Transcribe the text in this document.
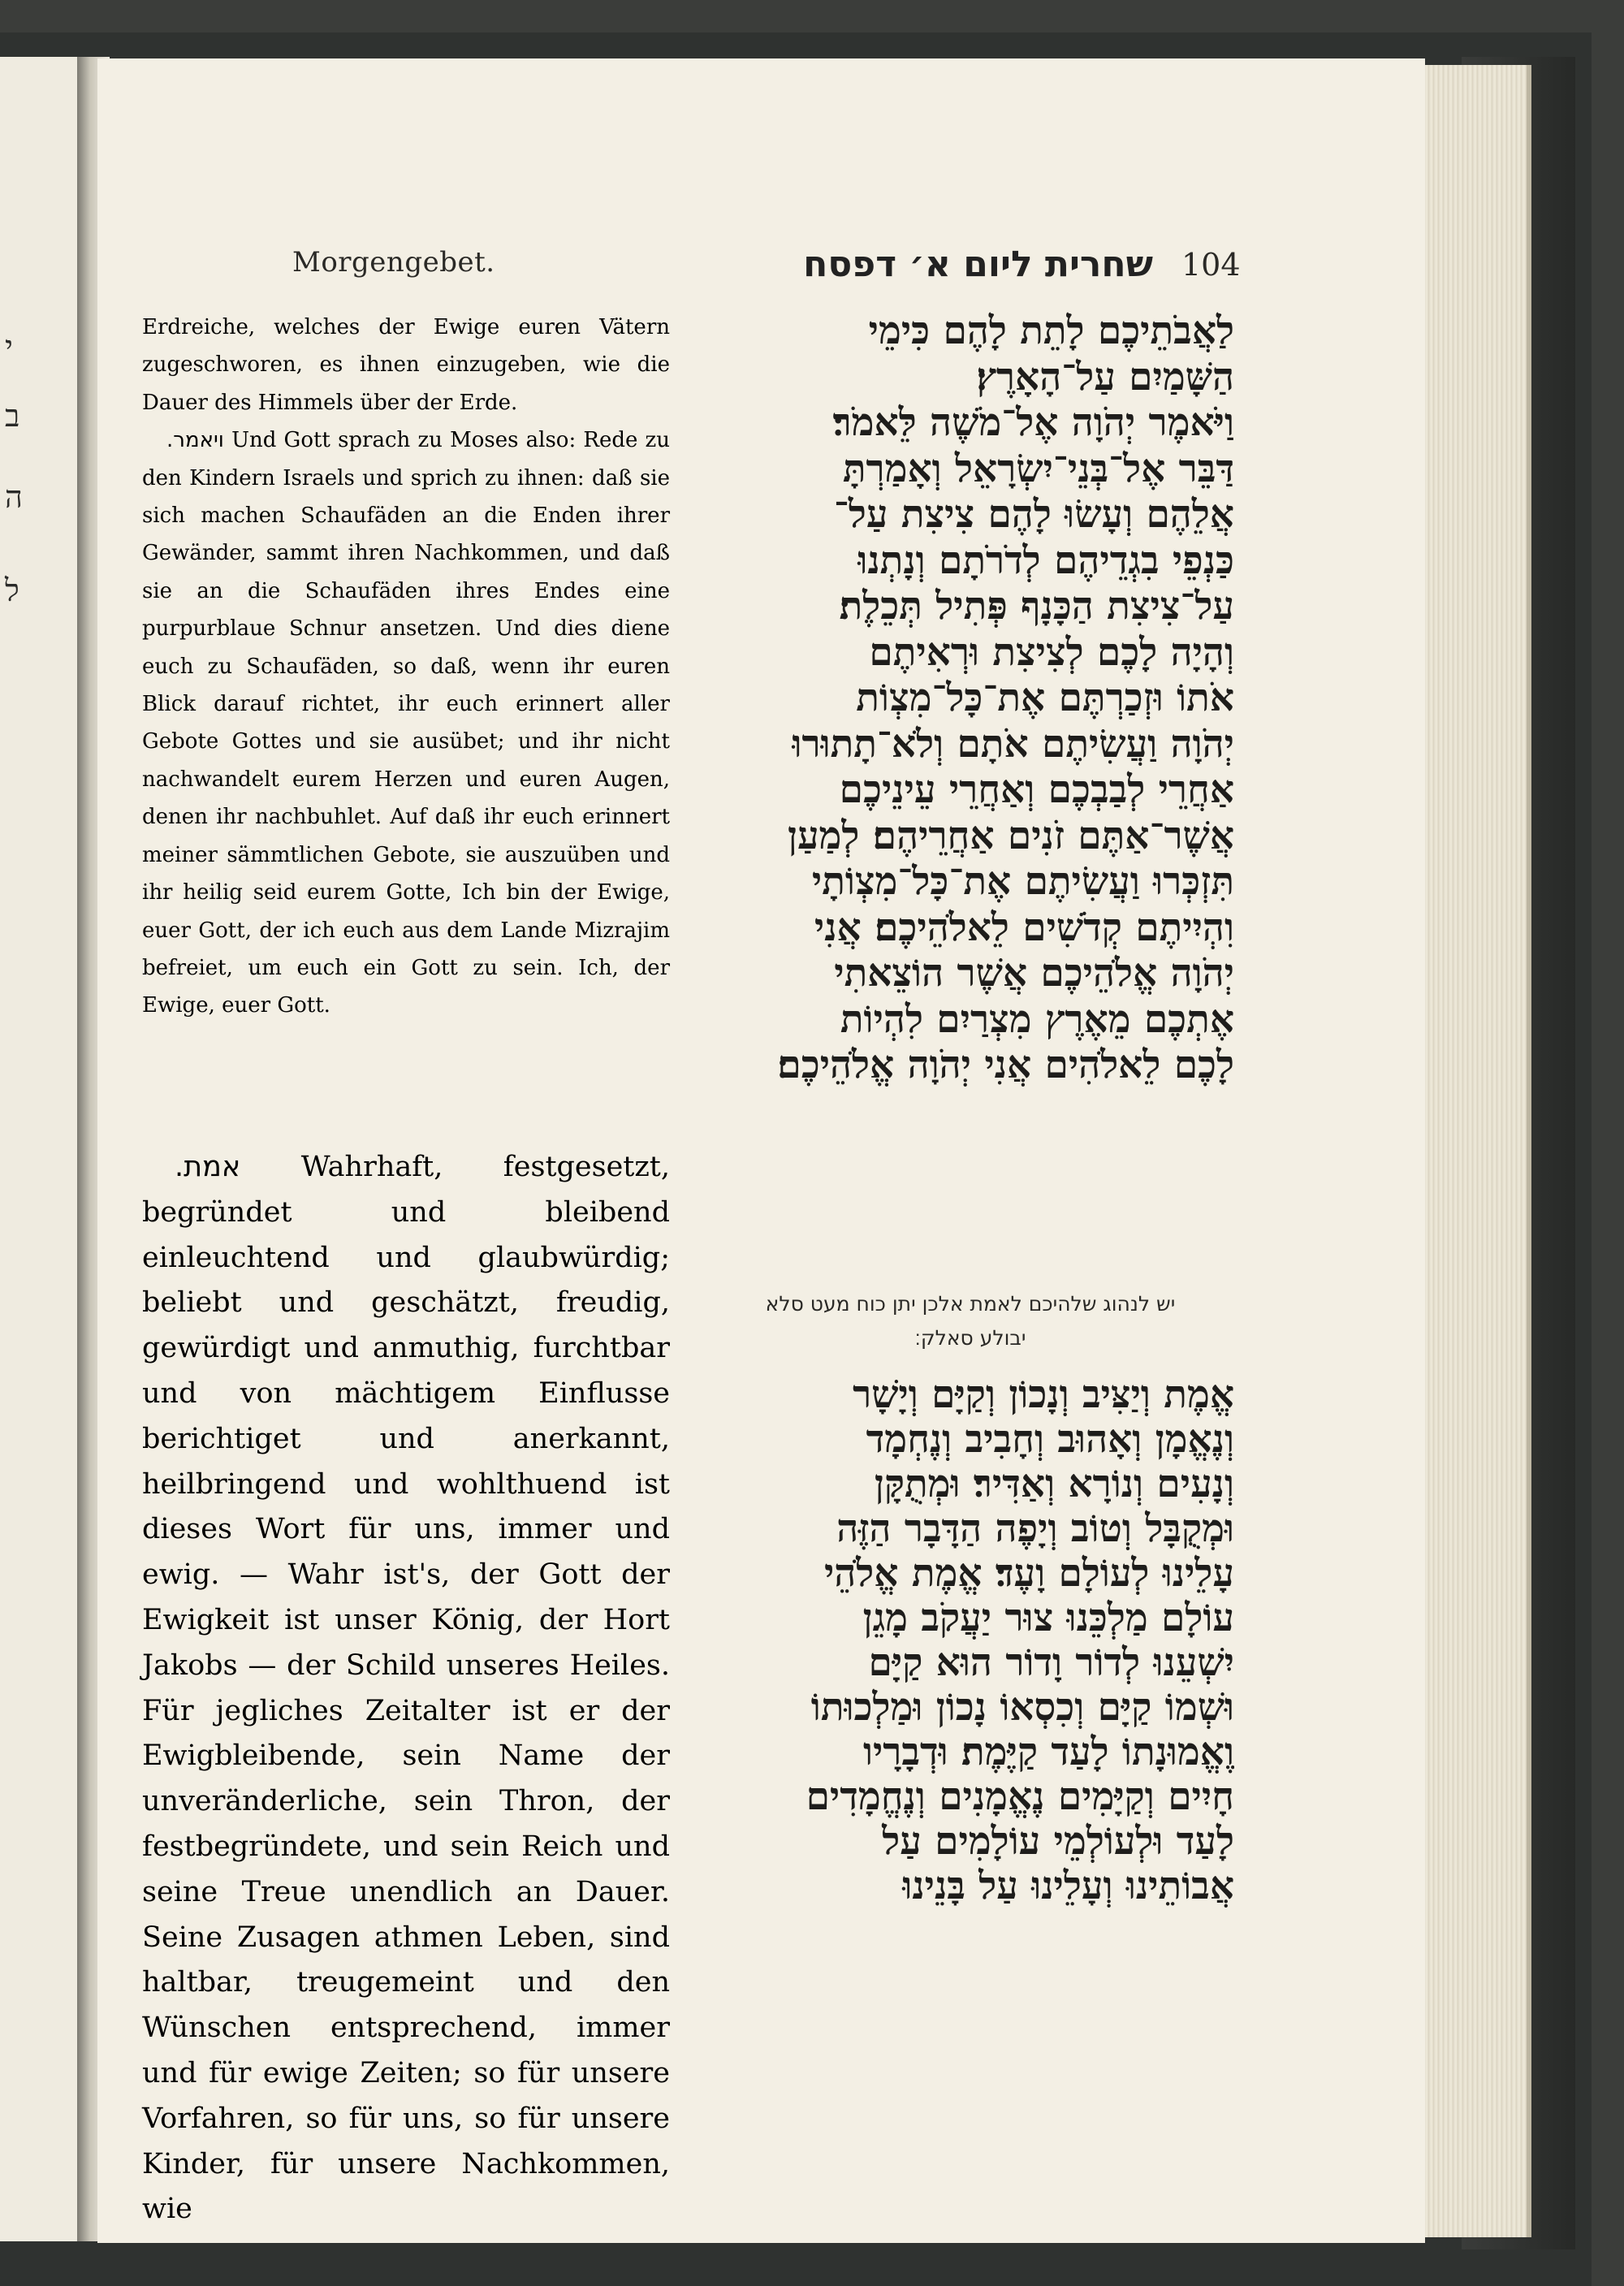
י
ב
ה
ל
Morgengebet.

Erdreiche, welches der Ewige euren Vätern zugeschworen, es ihnen einzugeben, wie die Dauer des Himmels über der Erde.

ויאמר. Und Gott sprach zu Moses also: Rede zu den Kindern Israels und sprich zu ihnen: daß sie sich machen Schaufäden an die Enden ihrer Gewänder, sammt ihren Nachkommen, und daß sie an die Schaufäden ihres Endes eine purpurblaue Schnur ansetzen. Und dies diene euch zu Schaufäden, so daß, wenn ihr euren Blick darauf richtet, ihr euch erinnert aller Gebote Gottes und sie ausübet; und ihr nicht nachwandelt eurem Herzen und euren Augen, denen ihr nachbuhlet. Auf daß ihr euch erinnert meiner sämmtlichen Gebote, sie auszuüben und ihr heilig seid eurem Gotte, Ich bin der Ewige, euer Gott, der ich euch aus dem Lande Mizrajim befreiet, um euch ein Gott zu sein. Ich, der Ewige, euer Gott.

אמת. Wahrhaft, festgesetzt, begründet und bleibend einleuchtend und glaubwürdig; beliebt und geschätzt, freudig, gewürdigt und anmuthig, furchtbar und von mächtigem Einflusse berichtiget und anerkannt, heilbringend und wohlthuend ist dieses Wort für uns, immer und ewig. — Wahr ist's, der Gott der Ewigkeit ist unser König, der Hort Jakobs — der Schild unseres Heiles. Für jegliches Zeitalter ist er der Ewigbleibende, sein Name der unveränderliche, sein Thron, der festbegründete, und sein Reich und seine Treue unendlich an Dauer. Seine Zusagen athmen Leben, sind haltbar, treugemeint und den Wünschen entsprechend, immer und für ewige Zeiten; so für unsere Vorfahren, so für uns, so für unsere Kinder, für unsere Nachkommen, wie

104
שחרית ליום א׳ דפסח
לַאֲבֹתֵיכֶם לָתֵת לָהֶם כִּימֵי
הַשָּׁמַיִם עַל־הָאָרֶץ׃
וַיֹּאמֶר יְהֹוָה אֶל־מֹשֶׁה לֵּאמֹר׃
דַּבֵּר אֶל־בְּנֵי־יִשְׂרָאֵל וְאָמַרְתָּ
אֲלֵהֶם וְעָשׂוּ לָהֶם צִיצִת עַל־
כַּנְפֵי בִגְדֵיהֶם לְדֹרֹתָם וְנָתְנוּ
עַל־צִיצִת הַכָּנָף פְּתִיל תְּכֵלֶת׃
וְהָיָה לָכֶם לְצִיצִת וּרְאִיתֶם
אֹתוֹ וּזְכַרְתֶּם אֶת־כָּל־מִצְוֹת
יְהֹוָה וַעֲשִׂיתֶם אֹתָם וְלֹא־תָתוּרוּ
אַחֲרֵי לְבַבְכֶם וְאַחֲרֵי עֵינֵיכֶם
אֲשֶׁר־אַתֶּם זֹנִים אַחֲרֵיהֶם׃ לְמַעַן
תִּזְכְּרוּ וַעֲשִׂיתֶם אֶת־כָּל־מִצְוֹתָי
וִהְיִיתֶם קְדֹשִׁים לֵאלֹהֵיכֶם׃ אֲנִי
יְהֹוָה אֱלֹהֵיכֶם אֲשֶׁר הוֹצֵאתִי
אֶתְכֶם מֵאֶרֶץ מִצְרַיִם לִהְיוֹת
לָכֶם לֵאלֹהִים אֲנִי יְהֹוָה אֱלֹהֵיכֶם׃
יש לנהוג שלהיכם לאמת אלכן יתן כוח מעט סלא
יבולע סאלק׃
אֱמֶת וְיַצִּיב וְנָכוֹן וְקַיָּם וְיָשָׁר
וְנֶאֱמָן וְאָהוּב וְחָבִיב וְנֶחְמָד
וְנָעִים וְנוֹרָא וְאַדִּיר׃ וּמְתֻקָּן
וּמְקֻבָּל וְטוֹב וְיָפֶה הַדָּבָר הַזֶּה
עָלֵינוּ לְעוֹלָם וָעֶד׃ אֱמֶת אֱלֹהֵי
עוֹלָם מַלְכֵּנוּ צוּר יַעֲקֹב מָגֵן
יִשְׁעֵנוּ לְדוֹר וָדוֹר הוּא קַיָּם
וּשְׁמוֹ קַיָּם וְכִסְאוֹ נָכוֹן וּמַלְכוּתוֹ
וֶאֱמוּנָתוֹ לָעַד קַיֶּמֶת׃ וּדְבָרָיו
חָיִים וְקַיָּמִים נֶאֱמָנִים וְנֶחֱמָדִים
לָעַד וּלְעוֹלְמֵי עוֹלָמִים עַל
אֲבוֹתֵינוּ וְעָלֵינוּ עַל בָּנֵינוּ
